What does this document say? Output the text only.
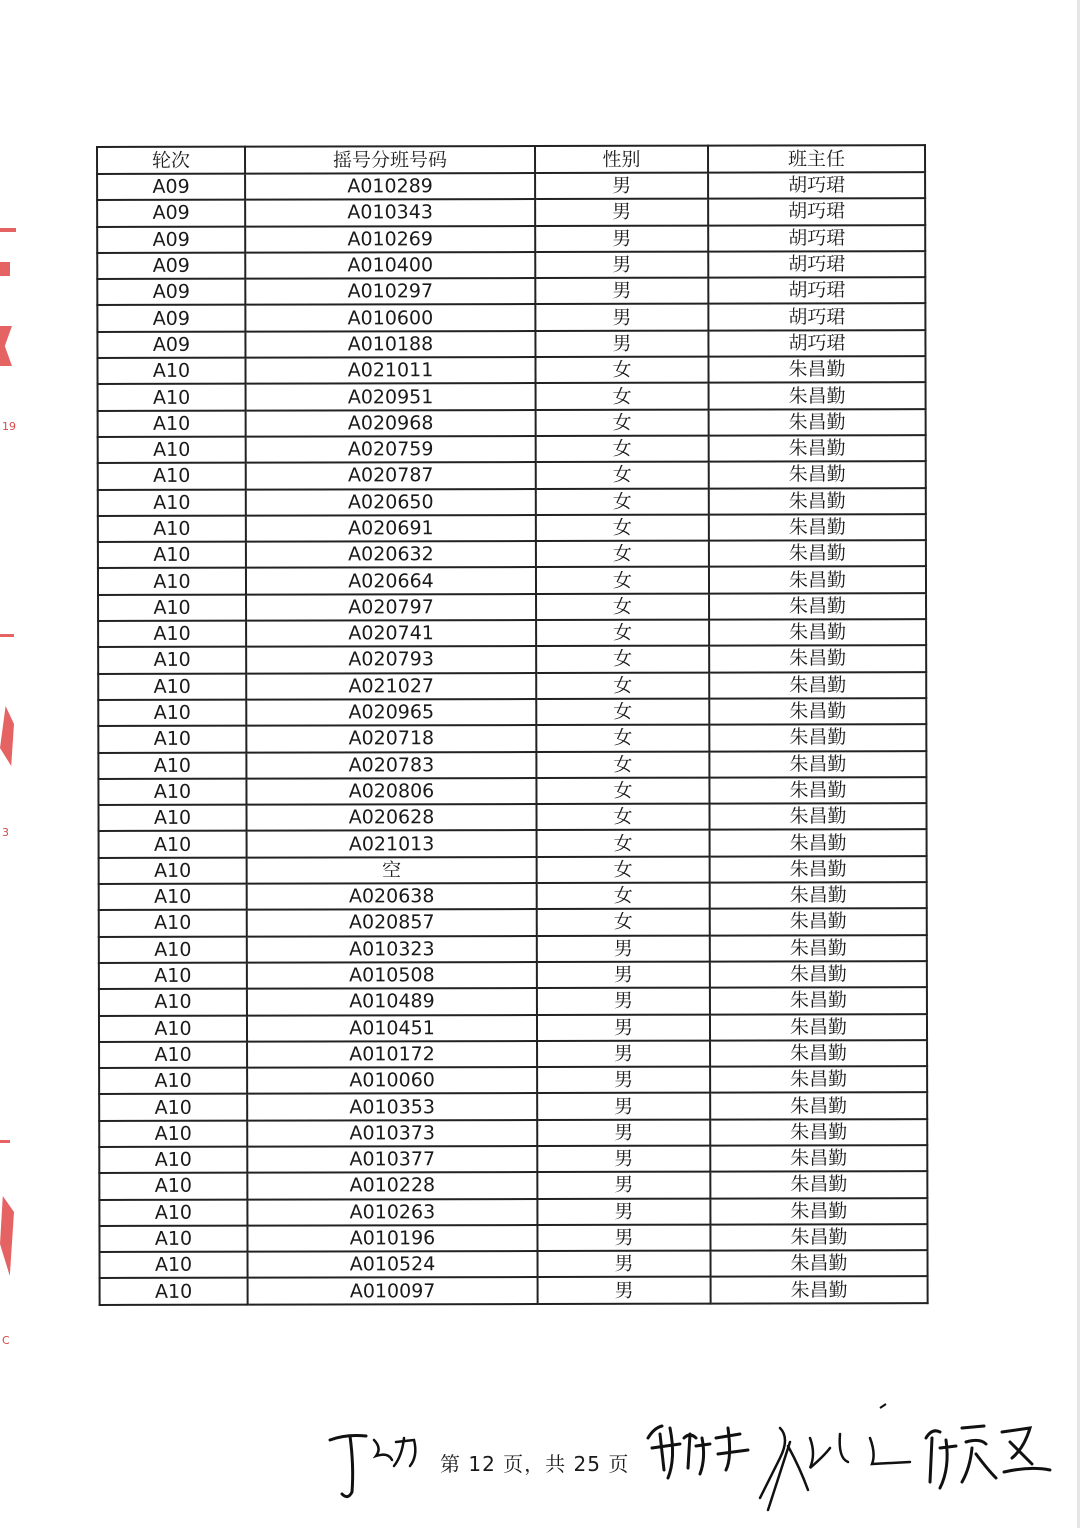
19
3
C
轮次	摇号分班号码	性别	班主任
A09	A010289	男	胡巧珺
A09	A010343	男	胡巧珺
A09	A010269	男	胡巧珺
A09	A010400	男	胡巧珺
A09	A010297	男	胡巧珺
A09	A010600	男	胡巧珺
A09	A010188	男	胡巧珺
A10	A021011	女	朱昌勤
A10	A020951	女	朱昌勤
A10	A020968	女	朱昌勤
A10	A020759	女	朱昌勤
A10	A020787	女	朱昌勤
A10	A020650	女	朱昌勤
A10	A020691	女	朱昌勤
A10	A020632	女	朱昌勤
A10	A020664	女	朱昌勤
A10	A020797	女	朱昌勤
A10	A020741	女	朱昌勤
A10	A020793	女	朱昌勤
A10	A021027	女	朱昌勤
A10	A020965	女	朱昌勤
A10	A020718	女	朱昌勤
A10	A020783	女	朱昌勤
A10	A020806	女	朱昌勤
A10	A020628	女	朱昌勤
A10	A021013	女	朱昌勤
A10	空	女	朱昌勤
A10	A020638	女	朱昌勤
A10	A020857	女	朱昌勤
A10	A010323	男	朱昌勤
A10	A010508	男	朱昌勤
A10	A010489	男	朱昌勤
A10	A010451	男	朱昌勤
A10	A010172	男	朱昌勤
A10	A010060	男	朱昌勤
A10	A010353	男	朱昌勤
A10	A010373	男	朱昌勤
A10	A010377	男	朱昌勤
A10	A010228	男	朱昌勤
A10	A010263	男	朱昌勤
A10	A010196	男	朱昌勤
A10	A010524	男	朱昌勤
A10	A010097	男	朱昌勤
第 12 页，共 25 页
